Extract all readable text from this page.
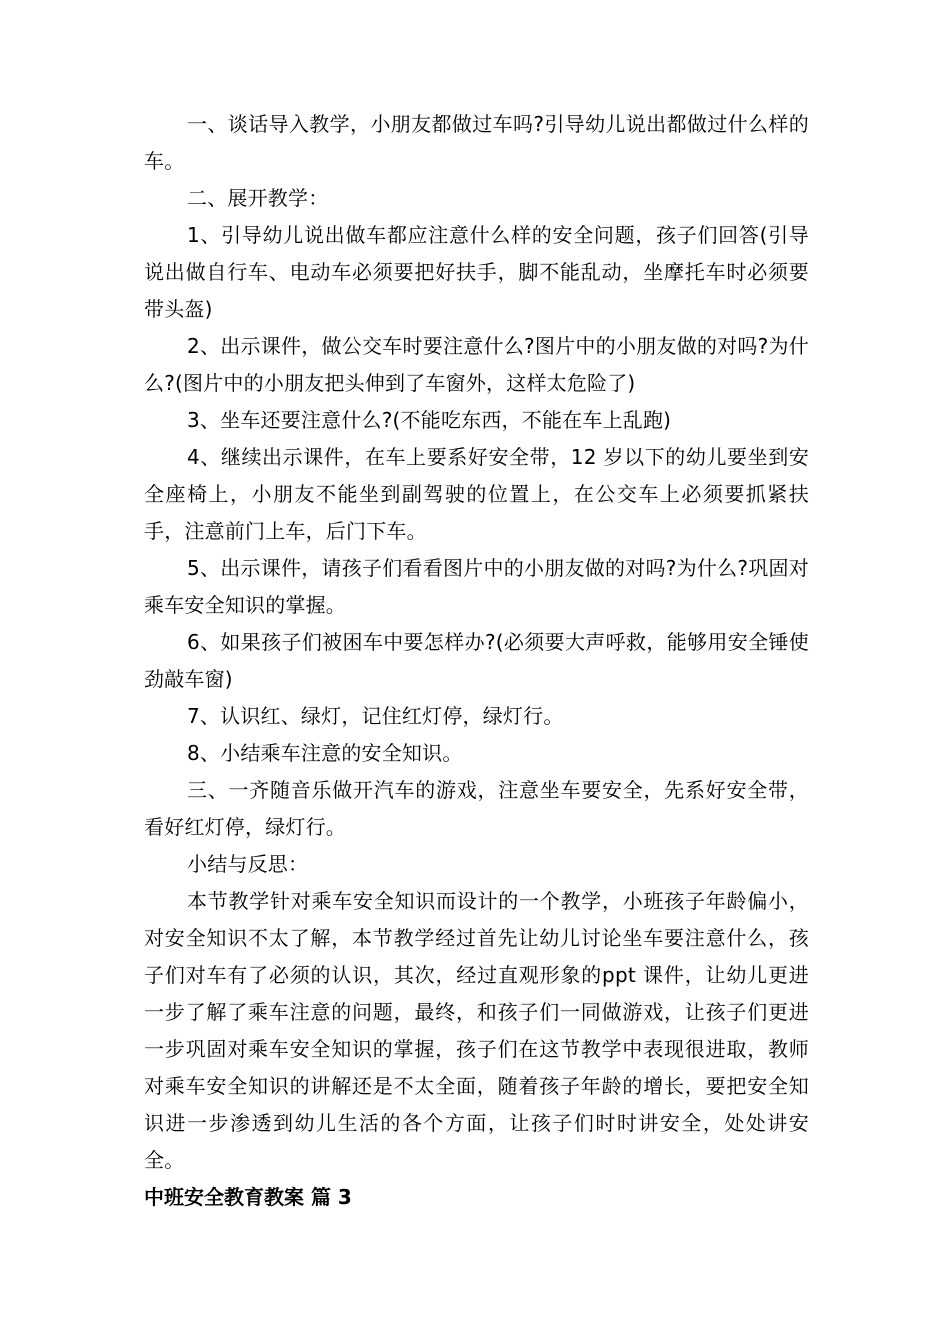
一、谈话导入教学，小朋友都做过车吗?引导幼儿说出都做过什么样的车。

二、展开教学：

1、引导幼儿说出做车都应注意什么样的安全问题，孩子们回答(引导说出做自行车、电动车必须要把好扶手，脚不能乱动，坐摩托车时必须要带头盔)

2、出示课件，做公交车时要注意什么?图片中的小朋友做的对吗?为什么?(图片中的小朋友把头伸到了车窗外，这样太危险了)

3、坐车还要注意什么?(不能吃东西，不能在车上乱跑)

4、继续出示课件，在车上要系好安全带，12 岁以下的幼儿要坐到安全座椅上，小朋友不能坐到副驾驶的位置上，在公交车上必须要抓紧扶手，注意前门上车，后门下车。

5、出示课件，请孩子们看看图片中的小朋友做的对吗?为什么?巩固对乘车安全知识的掌握。

6、如果孩子们被困车中要怎样办?(必须要大声呼救，能够用安全锤使劲敲车窗)

7、认识红、绿灯，记住红灯停，绿灯行。

8、小结乘车注意的安全知识。

三、一齐随音乐做开汽车的游戏，注意坐车要安全，先系好安全带，看好红灯停，绿灯行。

小结与反思：

本节教学针对乘车安全知识而设计的一个教学，小班孩子年龄偏小，对安全知识不太了解，本节教学经过首先让幼儿讨论坐车要注意什么，孩子们对车有了必须的认识，其次，经过直观形象的ppt 课件，让幼儿更进一步了解了乘车注意的问题，最终，和孩子们一同做游戏，让孩子们更进一步巩固对乘车安全知识的掌握，孩子们在这节教学中表现很进取，教师对乘车安全知识的讲解还是不太全面，随着孩子年龄的增长，要把安全知识进一步渗透到幼儿生活的各个方面，让孩子们时时讲安全，处处讲安全。

中班安全教育教案 篇 3
